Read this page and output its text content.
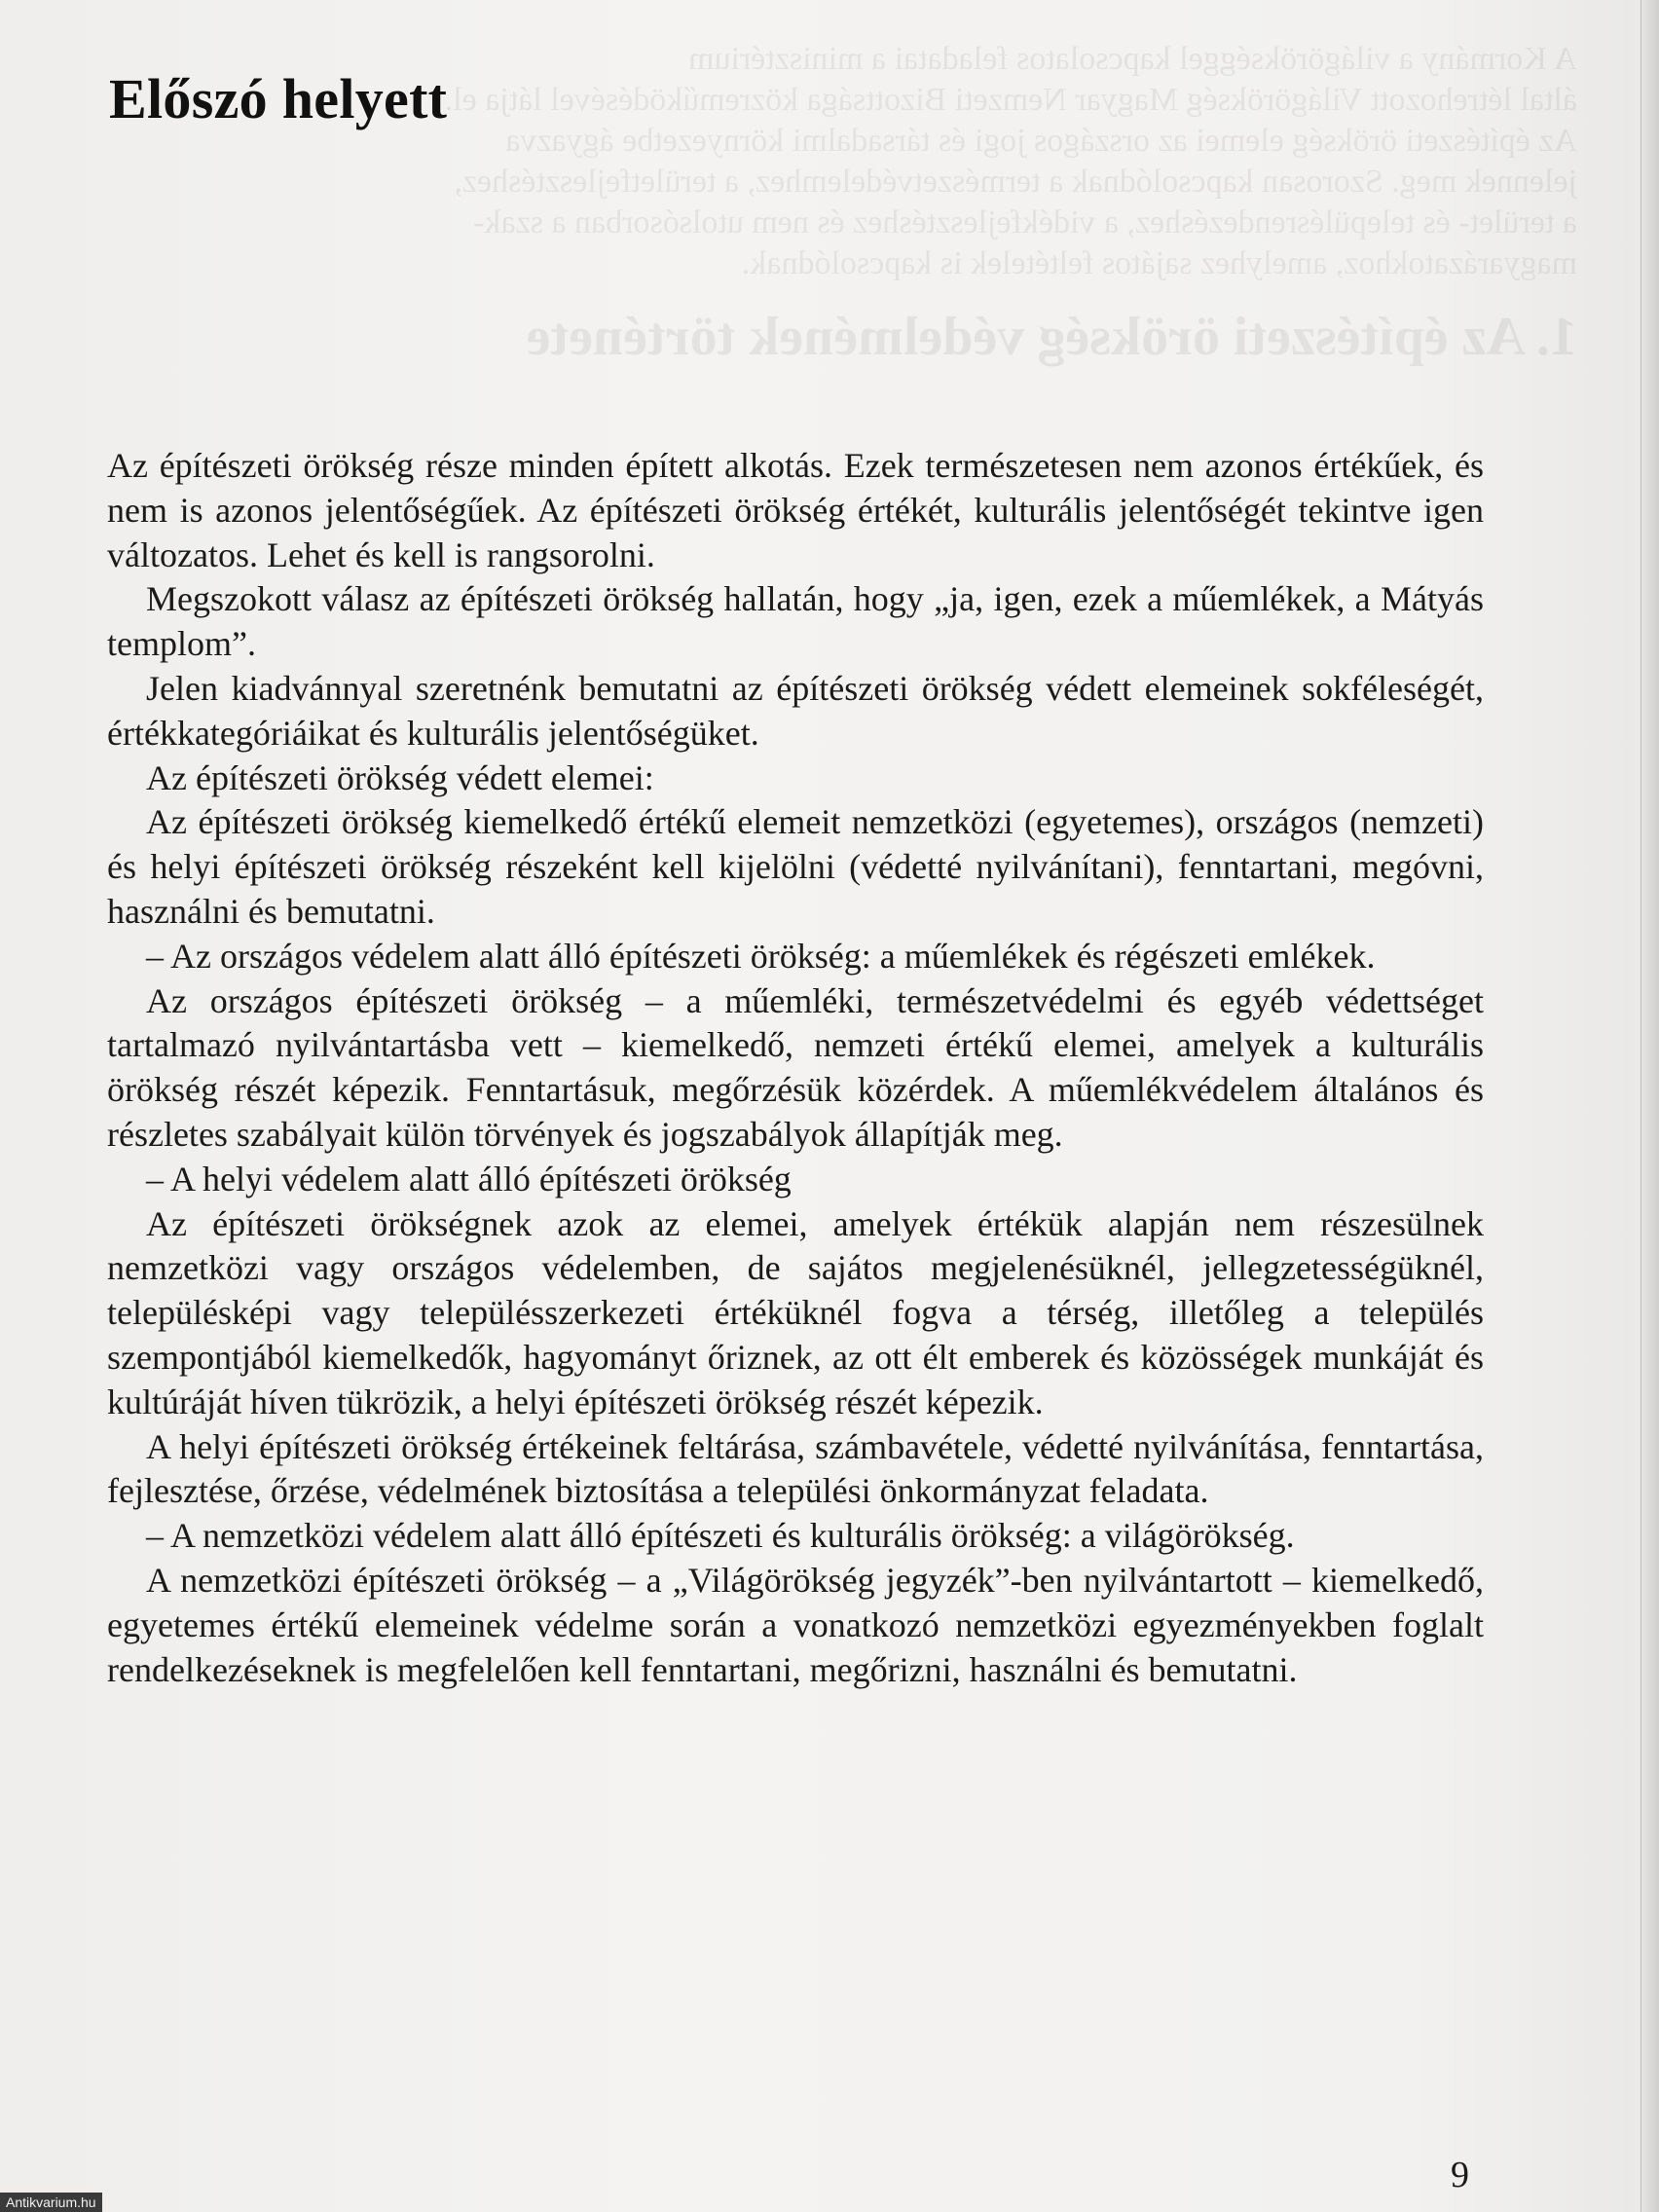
A Kormány a világörökséggel kapcsolatos feladatai a minisztérium

által létrehozott Világörökség Magyar Nemzeti Bizottsága közreműködésével látja el.

Az építészeti örökség elemei az országos jogi és társadalmi környezetbe ágyazva

jelennek meg. Szorosan kapcsolódnak a természetvédelemhez, a területfejlesztéshez,

a terület- és településrendezéshez, a vidékfejlesztéshez és nem utolsósorban a szak-

magyarázatokhoz, amelyhez sajátos feltételek is kapcsolódnak.

1. Az építészeti örökség védelmének története

Előszó helyett

Az építészeti örökség része minden épített alkotás. Ezek természetesen nem azonos értékűek, és nem is azonos jelentőségűek. Az építészeti örökség értékét, kulturális jelentőségét tekintve igen változatos. Lehet és kell is rangsorolni.

Megszokott válasz az építészeti örökség hallatán, hogy „ja, igen, ezek a műemlékek, a Mátyás templom”.

Jelen kiadvánnyal szeretnénk bemutatni az építészeti örökség védett elemeinek sokféleségét, értékkategóriáikat és kulturális jelentőségüket.

Az építészeti örökség védett elemei:

Az építészeti örökség kiemelkedő értékű elemeit nemzetközi (egyetemes), országos (nemzeti) és helyi építészeti örökség részeként kell kijelölni (védetté nyilvánítani), fenntartani, megóvni, használni és bemutatni.

– Az országos védelem alatt álló építészeti örökség: a műemlékek és régészeti emlékek.

Az országos építészeti örökség – a műemléki, természetvédelmi és egyéb védettséget tartalmazó nyilvántartásba vett – kiemelkedő, nemzeti értékű elemei, amelyek a kulturális örökség részét képezik. Fenntartásuk, megőrzésük közérdek. A műemlékvédelem általános és részletes szabályait külön törvények és jogszabályok állapítják meg.

– A helyi védelem alatt álló építészeti örökség

Az építészeti örökségnek azok az elemei, amelyek értékük alapján nem részesülnek nemzetközi vagy országos védelemben, de sajátos megjelenésüknél, jellegzetességüknél, településképi vagy településszerkezeti értéküknél fogva a térség, illetőleg a település szempontjából kiemelkedők, hagyományt őriznek, az ott élt emberek és közösségek munkáját és kultúráját híven tükrözik, a helyi építészeti örökség részét képezik.

A helyi építészeti örökség értékeinek feltárása, számbavétele, védetté nyilvánítása, fenntartása, fejlesztése, őrzése, védelmének biztosítása a települési önkormányzat feladata.

– A nemzetközi védelem alatt álló építészeti és kulturális örökség: a világörökség.

A nemzetközi építészeti örökség – a „Világörökség jegyzék”-ben nyilvántartott – kiemelkedő, egyetemes értékű elemeinek védelme során a vonatkozó nemzetközi egyezményekben foglalt rendelkezéseknek is megfelelően kell fenntartani, megőrizni, használni és bemutatni.

9
Antikvarium.hu
